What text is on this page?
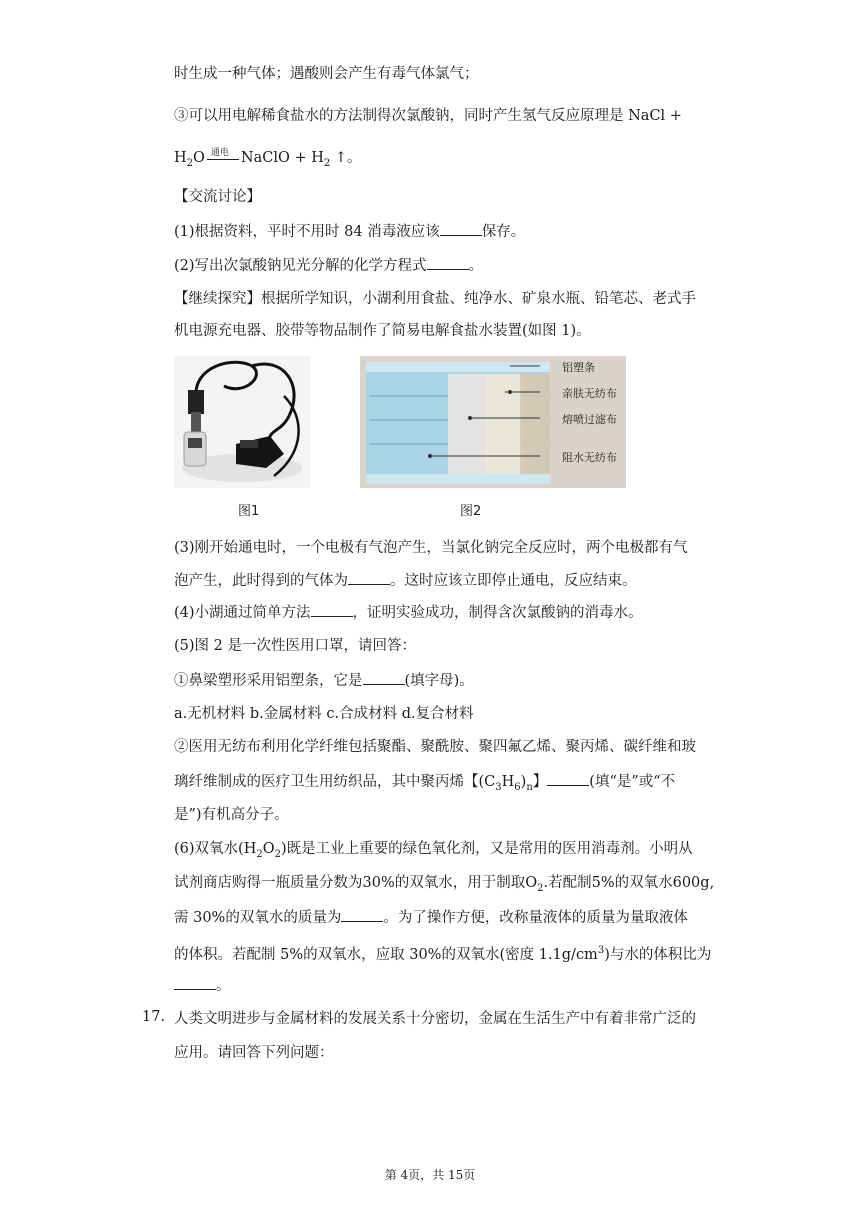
时生成一种气体；遇酸则会产生有毒气体氯气；
③可以用电解稀食盐水的方法制得次氯酸钠，同时产生氢气反应原理是 NaCl +
$H_2O$ 通电 NaClO + $H_2$ ↑。
【交流讨论】
(1)根据资料，平时不用时 84 消毒液应该	保存。
(2)写出次氯酸钠见光分解的化学方程式	。
【继续探究】根据所学知识，小湖利用食盐、纯净水、矿泉水瓶、铅笔芯、老式手
机电源充电器、胶带等物品制作了简易电解食盐水装置(如图 1)。
图1
铝塑条
亲肤无纺布
熔喷过滤布
阻水无纺布
图2
(3)刚开始通电时，一个电极有气泡产生，当氯化钠完全反应时，两个电极都有气
泡产生，此时得到的气体为	。这时应该立即停止通电，反应结束。
(4)小湖通过简单方法	，证明实验成功，制得含次氯酸钠的消毒水。
(5)图 2 是一次性医用口罩，请回答：
①鼻梁塑形采用铝塑条，它是	(填字母)。
a.无机材料 b.金属材料 c.合成材料 d.复合材料
②医用无纺布利用化学纤维包括聚酯、聚酰胺、聚四氟乙烯、聚丙烯、碳纤维和玻
璃纤维制成的医疗卫生用纺织品，其中聚丙烯【$(C_3H_6)_n$】	(填“是”或“不
是”)有机高分子。
(6)双氧水$(H_2O_2)$既是工业上重要的绿色氧化剂，又是常用的医用消毒剂。小明从
试剂商店购得一瓶质量分数为30%的双氧水，用于制取$O_2$.若配制5%的双氧水600g,
需 30%的双氧水的质量为	。为了操作方便，改称量液体的质量为量取液体
的体积。若配制 5%的双氧水，应取 30%的双氧水(密度 $1.1g/cm^3$)与水的体积比为
。
17. 人类文明进步与金属材料的发展关系十分密切，金属在生活生产中有着非常广泛的
应用。请回答下列问题：
第 4页，共 15页
